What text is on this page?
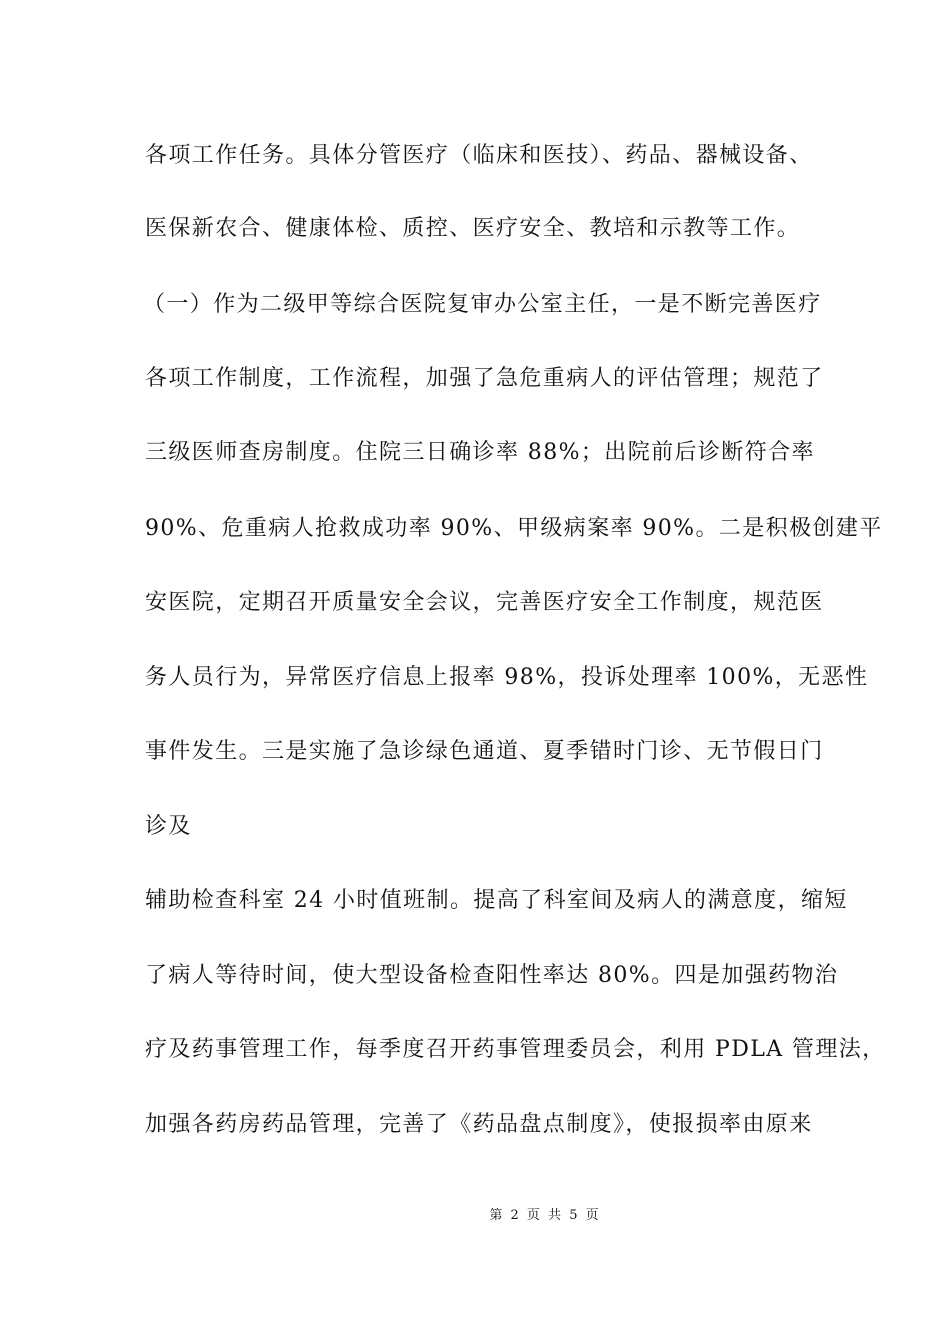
各项工作任务。具体分管医疗（临床和医技）、药品、器械设备、
医保新农合、健康体检、质控、医疗安全、教培和示教等工作。
（一）作为二级甲等综合医院复审办公室主任，一是不断完善医疗
各项工作制度，工作流程，加强了急危重病人的评估管理；规范了
三级医师查房制度。住院三日确诊率 88%；出院前后诊断符合率
90%、危重病人抢救成功率 90%、甲级病案率 90%。二是积极创建平
安医院，定期召开质量安全会议，完善医疗安全工作制度，规范医
务人员行为，异常医疗信息上报率 98%，投诉处理率 100%，无恶性
事件发生。三是实施了急诊绿色通道、夏季错时门诊、无节假日门
诊及
辅助检查科室 24 小时值班制。提高了科室间及病人的满意度，缩短
了病人等待时间，使大型设备检查阳性率达 80%。四是加强药物治
疗及药事管理工作，每季度召开药事管理委员会，利用 PDLA 管理法，
加强各药房药品管理，完善了《药品盘点制度》，使报损率由原来
第 2 页 共 5 页
